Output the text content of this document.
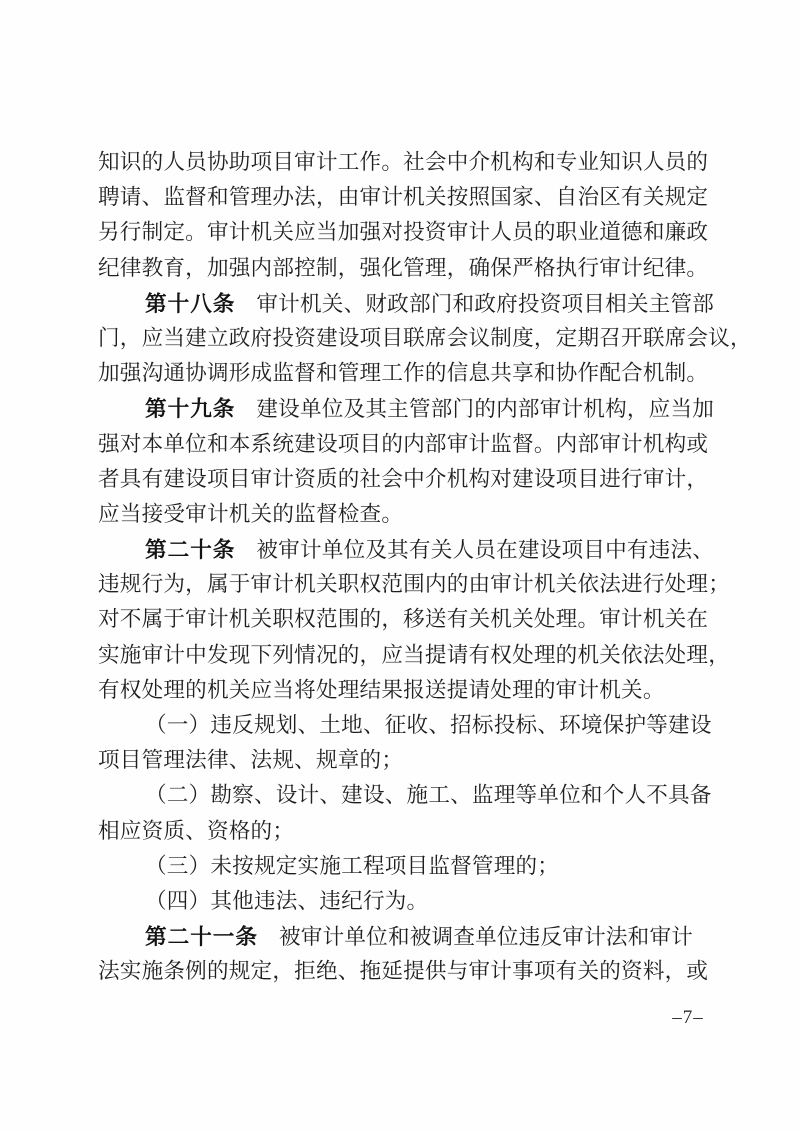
知识的人员协助项目审计工作。社会中介机构和专业知识人员的
聘请、监督和管理办法，由审计机关按照国家、自治区有关规定
另行制定。审计机关应当加强对投资审计人员的职业道德和廉政
纪律教育，加强内部控制，强化管理，确保严格执行审计纪律。
第十八条 审计机关、财政部门和政府投资项目相关主管部
门，应当建立政府投资建设项目联席会议制度，定期召开联席会议，
加强沟通协调形成监督和管理工作的信息共享和协作配合机制。
第十九条 建设单位及其主管部门的内部审计机构，应当加
强对本单位和本系统建设项目的内部审计监督。内部审计机构或
者具有建设项目审计资质的社会中介机构对建设项目进行审计，
应当接受审计机关的监督检查。
第二十条 被审计单位及其有关人员在建设项目中有违法、
违规行为，属于审计机关职权范围内的由审计机关依法进行处理；
对不属于审计机关职权范围的，移送有关机关处理。审计机关在
实施审计中发现下列情况的，应当提请有权处理的机关依法处理，
有权处理的机关应当将处理结果报送提请处理的审计机关。
（一）违反规划、土地、征收、招标投标、环境保护等建设
项目管理法律、法规、规章的；
（二）勘察、设计、建设、施工、监理等单位和个人不具备
相应资质、资格的；
（三）未按规定实施工程项目监督管理的；
（四）其他违法、违纪行为。
第二十一条 被审计单位和被调查单位违反审计法和审计
法实施条例的规定，拒绝、拖延提供与审计事项有关的资料，或
–7–
